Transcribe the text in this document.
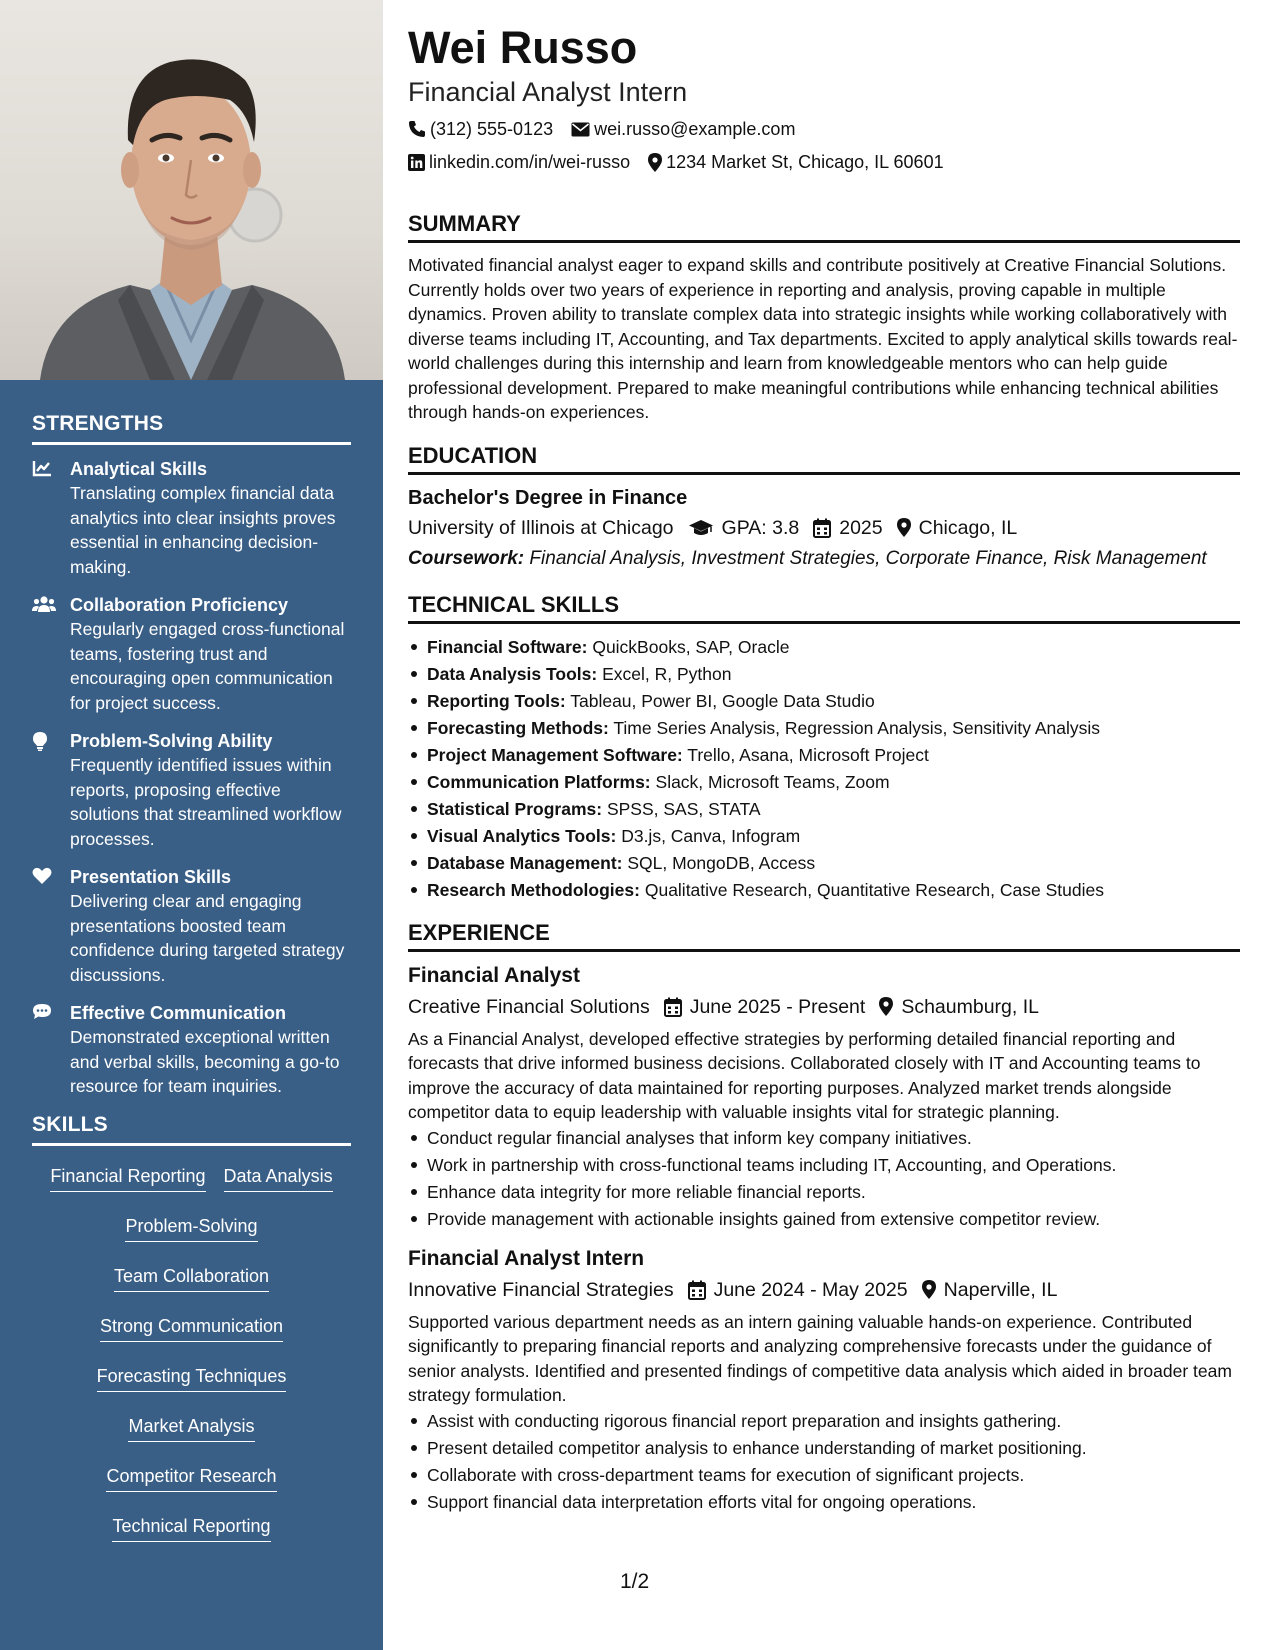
STRENGTHS
Analytical Skills
Translating complex financial data analytics into clear insights proves essential in enhancing decision-making.
Collaboration Proficiency
Regularly engaged cross-functional teams, fostering trust and encouraging open communication for project success.
Problem-Solving Ability
Frequently identified issues within reports, proposing effective solutions that streamlined workflow processes.
Presentation Skills
Delivering clear and engaging presentations boosted team confidence during targeted strategy discussions.
Effective Communication
Demonstrated exceptional written and verbal skills, becoming a go-to resource for team inquiries.
SKILLS
Financial Reporting Data Analysis
Problem-Solving
Team Collaboration
Strong Communication
Forecasting Techniques
Market Analysis
Competitor Research
Technical Reporting
Wei Russo
Financial Analyst Intern
(312) 555-0123 wei.russo@example.com
linkedin.com/in/wei-russo 1234 Market St, Chicago, IL 60601
SUMMARY

Motivated financial analyst eager to expand skills and contribute positively at Creative Financial Solutions. Currently holds over two years of experience in reporting and analysis, proving capable in multiple dynamics. Proven ability to translate complex data into strategic insights while working collaboratively with diverse teams including IT, Accounting, and Tax departments. Excited to apply analytical skills towards real-world challenges during this internship and learn from knowledgeable mentors who can help guide professional development. Prepared to make meaningful contributions while enhancing technical abilities through hands-on experiences.

EDUCATION
Bachelor's Degree in Finance
University of Illinois at Chicago GPA: 3.8 2025 Chicago, IL
Coursework: Financial Analysis, Investment Strategies, Corporate Finance, Risk Management
TECHNICAL SKILLS
Financial Software: QuickBooks, SAP, Oracle
Data Analysis Tools: Excel, R, Python
Reporting Tools: Tableau, Power BI, Google Data Studio
Forecasting Methods: Time Series Analysis, Regression Analysis, Sensitivity Analysis
Project Management Software: Trello, Asana, Microsoft Project
Communication Platforms: Slack, Microsoft Teams, Zoom
Statistical Programs: SPSS, SAS, STATA
Visual Analytics Tools: D3.js, Canva, Infogram
Database Management: SQL, MongoDB, Access
Research Methodologies: Qualitative Research, Quantitative Research, Case Studies
EXPERIENCE
Financial Analyst
Creative Financial Solutions June 2025 - Present Schaumburg, IL
As a Financial Analyst, developed effective strategies by performing detailed financial reporting and forecasts that drive informed business decisions. Collaborated closely with IT and Accounting teams to improve the accuracy of data maintained for reporting purposes. Analyzed market trends alongside competitor data to equip leadership with valuable insights vital for strategic planning.
Conduct regular financial analyses that inform key company initiatives.
Work in partnership with cross-functional teams including IT, Accounting, and Operations.
Enhance data integrity for more reliable financial reports.
Provide management with actionable insights gained from extensive competitor review.
Financial Analyst Intern
Innovative Financial Strategies June 2024 - May 2025 Naperville, IL
Supported various department needs as an intern gaining valuable hands-on experience. Contributed significantly to preparing financial reports and analyzing comprehensive forecasts under the guidance of senior analysts. Identified and presented findings of competitive data analysis which aided in broader team strategy formulation.
Assist with conducting rigorous financial report preparation and insights gathering.
Present detailed competitor analysis to enhance understanding of market positioning.
Collaborate with cross-department teams for execution of significant projects.
Support financial data interpretation efforts vital for ongoing operations.
1/2
